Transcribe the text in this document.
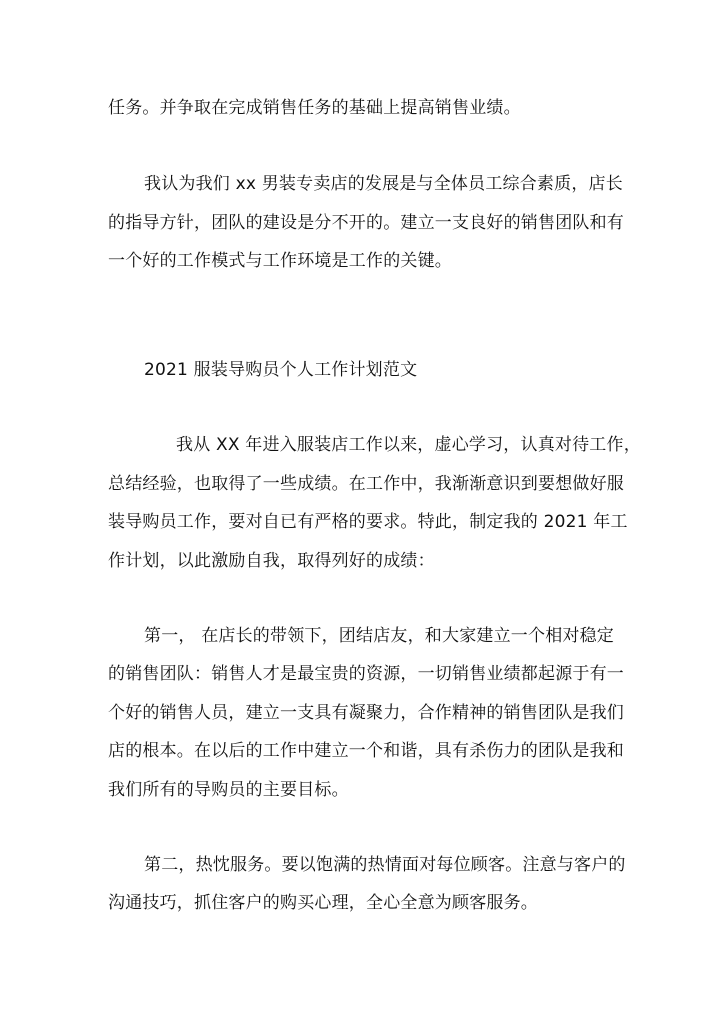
任务。并争取在完成销售任务的基础上提高销售业绩。
我认为我们 xx 男装专卖店的发展是与全体员工综合素质，店长
的指导方针，团队的建设是分不开的。建立一支良好的销售团队和有
一个好的工作模式与工作环境是工作的关键。
2021 服装导购员个人工作计划范文
我从 XX 年进入服装店工作以来，虚心学习，认真对待工作，
总结经验，也取得了一些成绩。在工作中，我渐渐意识到要想做好服
装导购员工作，要对自已有严格的要求。特此，制定我的 2021 年工
作计划，以此激励自我，取得列好的成绩：
第一， 在店长的带领下，团结店友，和大家建立一个相对稳定
的销售团队：销售人才是最宝贵的资源，一切销售业绩都起源于有一
个好的销售人员，建立一支具有凝聚力，合作精神的销售团队是我们
店的根本。在以后的工作中建立一个和谐，具有杀伤力的团队是我和
我们所有的导购员的主要目标。
第二，热忱服务。要以饱满的热情面对每位顾客。注意与客户的
沟通技巧，抓住客户的购买心理，全心全意为顾客服务。
